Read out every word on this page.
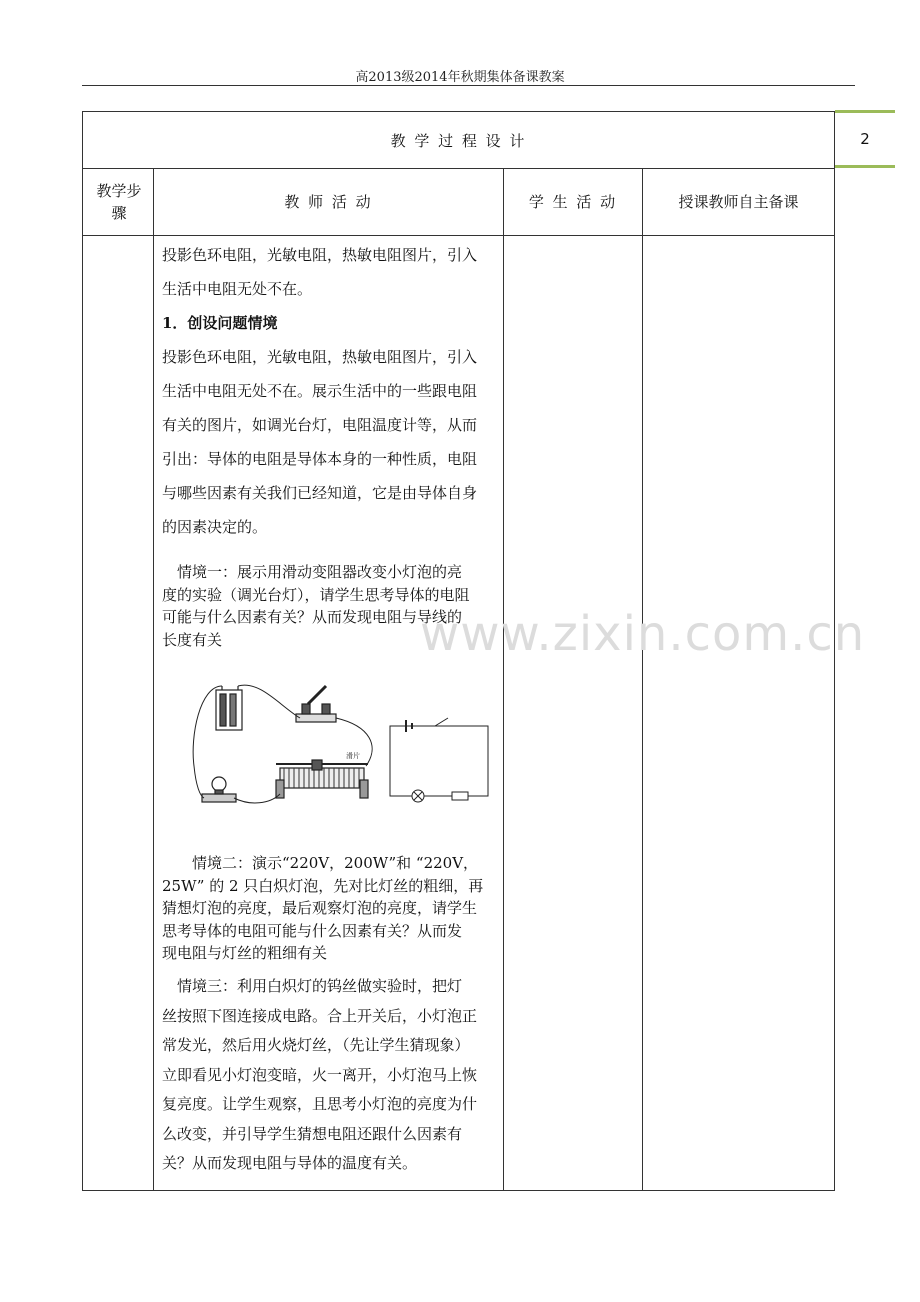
高2013级2014年秋期集体备课教案
2
教 学 过 程 设 计
教学步骤
教 师 活 动	学 生 活 动	授课教师自主备课
www.zixin.com.cn

投影色环电阻，光敏电阻，热敏电阻图片，引入

生活中电阻无处不在。

1．创设问题情境

投影色环电阻，光敏电阻，热敏电阻图片，引入

生活中电阻无处不在。展示生活中的一些跟电阻

有关的图片，如调光台灯，电阻温度计等，从而

引出：导体的电阻是导体本身的一种性质，电阻

与哪些因素有关我们已经知道，它是由导体自身

的因素决定的。

　情境一：展示用滑动变阻器改变小灯泡的亮

度的实验（调光台灯），请学生思考导体的电阻

可能与什么因素有关？从而发现电阻与导线的

长度有关

滑片

　　情境二：演示“220V，200W”和 “220V，

25W” 的 2 只白炽灯泡，先对比灯丝的粗细，再

猜想灯泡的亮度，最后观察灯泡的亮度，请学生

思考导体的电阻可能与什么因素有关？从而发

现电阻与灯丝的粗细有关

　情境三：利用白炽灯的钨丝做实验时，把灯

丝按照下图连接成电路。合上开关后，小灯泡正

常发光，然后用火烧灯丝，（先让学生猜现象）

立即看见小灯泡变暗，火一离开，小灯泡马上恢

复亮度。让学生观察，且思考小灯泡的亮度为什

么改变，并引导学生猜想电阻还跟什么因素有

关？从而发现电阻与导体的温度有关。
